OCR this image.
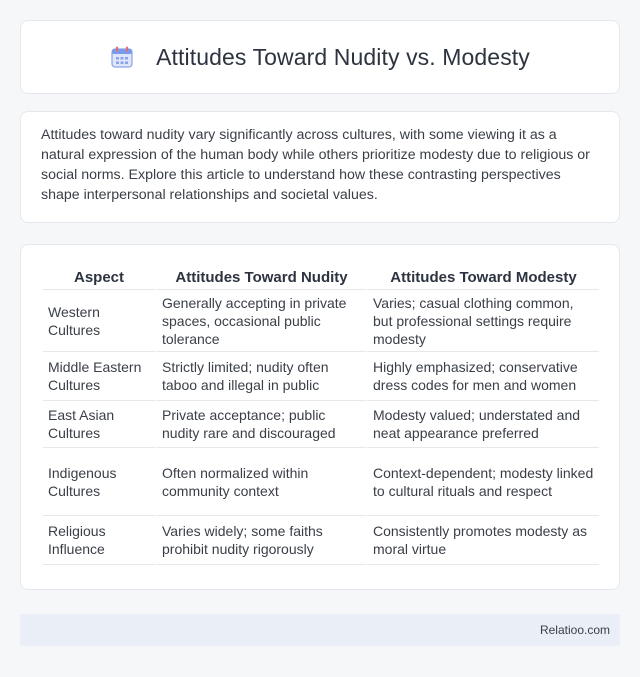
Attitudes Toward Nudity vs. Modesty

Attitudes toward nudity vary significantly across cultures, with some viewing it as a natural expression of the human body while others prioritize modesty due to religious or social norms. Explore this article to understand how these contrasting perspectives shape interpersonal relationships and societal values.

Aspect	Attitudes Toward Nudity	Attitudes Toward Modesty
Western Cultures	Generally accepting in private spaces, occasional public tolerance	Varies; casual clothing common, but professional settings require modesty
Middle Eastern Cultures	Strictly limited; nudity often taboo and illegal in public	Highly emphasized; conservative dress codes for men and women
East Asian Cultures	Private acceptance; public nudity rare and discouraged	Modesty valued; understated and neat appearance preferred
Indigenous Cultures	Often normalized within community context	Context-dependent; modesty linked to cultural rituals and respect
Religious Influence	Varies widely; some faiths prohibit nudity rigorously	Consistently promotes modesty as moral virtue
Relatioo.com
